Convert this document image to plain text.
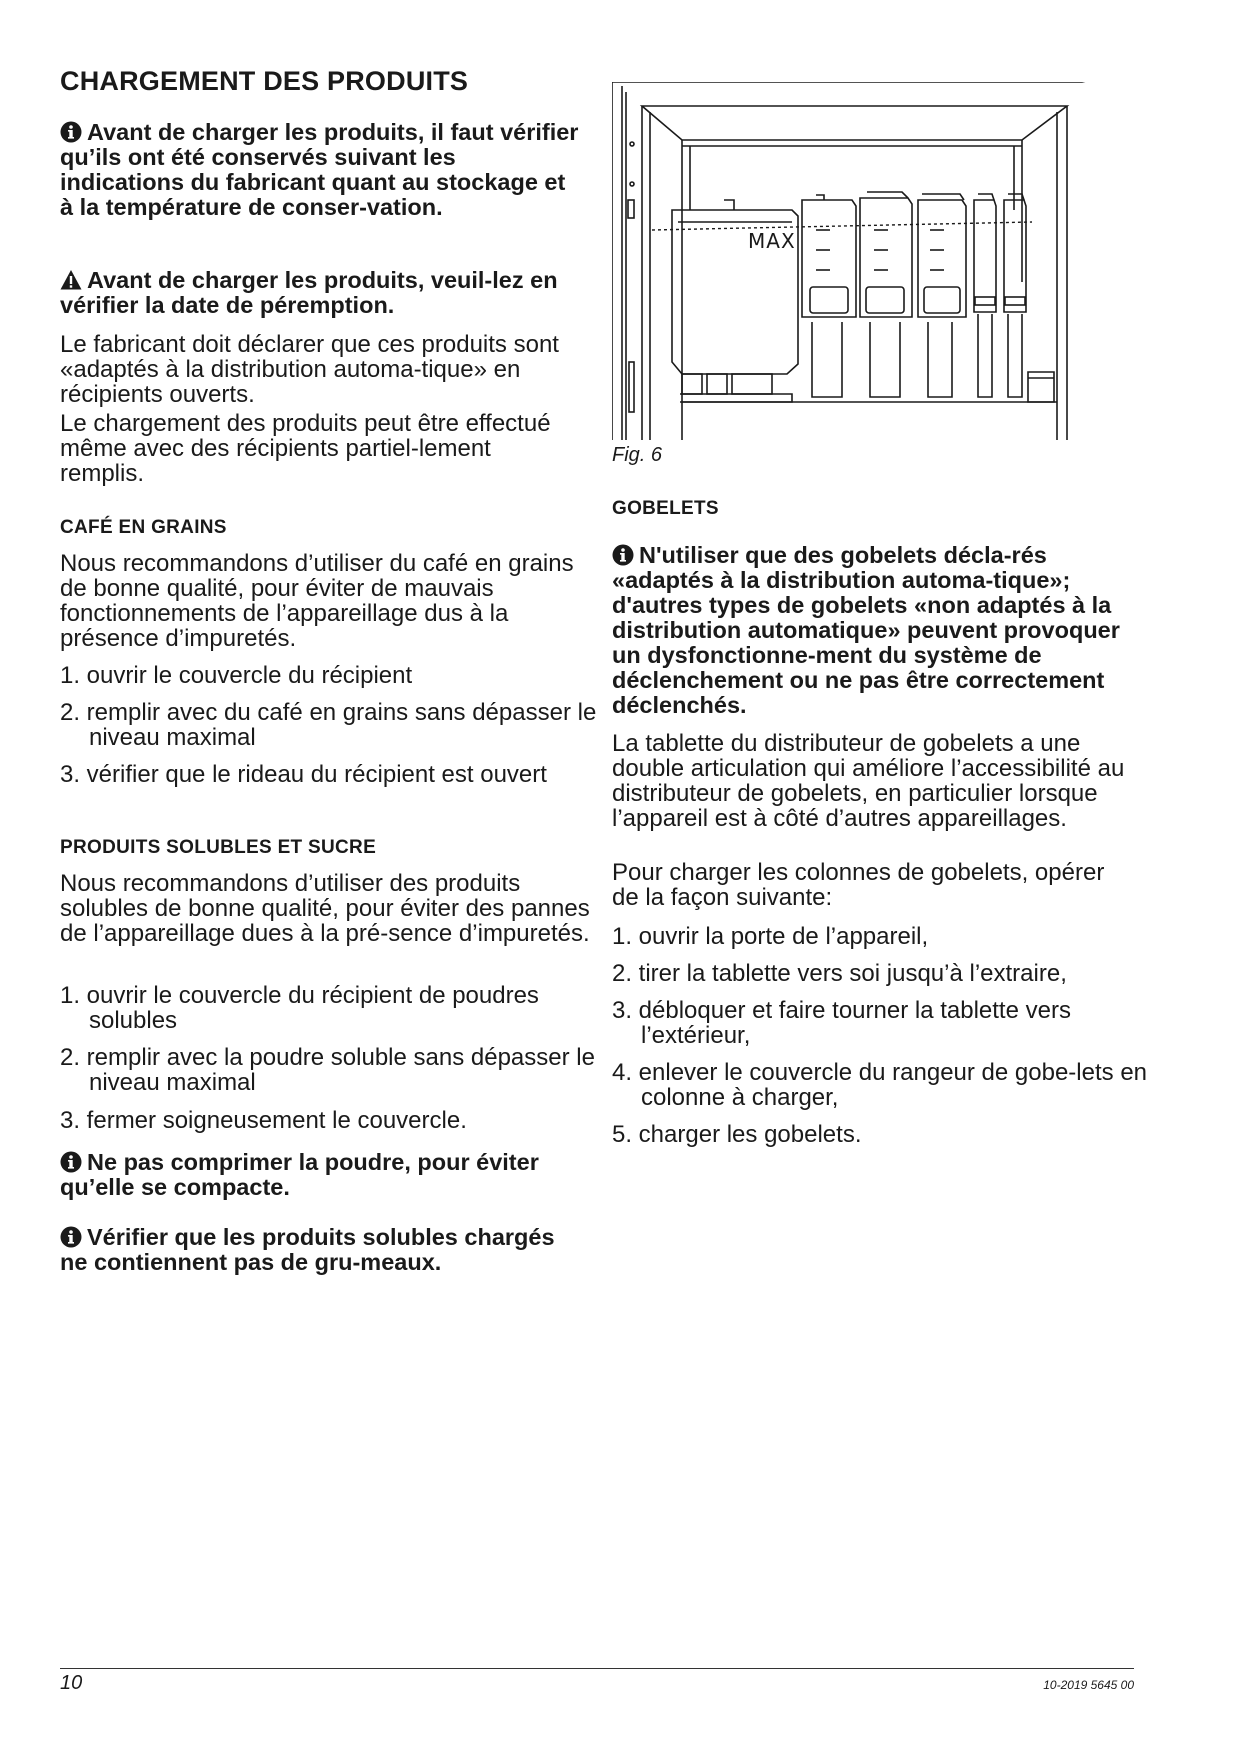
CHARGEMENT DES PRODUITS

Avant de charger les produits, il faut vérifier qu’ils ont été conservés suivant les indications du fabricant quant au stockage et à la température de conser-vation.

Avant de charger les produits, veuil-lez en vérifier la date de péremption.

Le fabricant doit déclarer que ces produits sont «adaptés à la distribution automa-tique» en récipients ouverts.

Le chargement des produits peut être effectué même avec des récipients partiel-lement remplis.

CAFÉ EN GRAINS

Nous recommandons d’utiliser du café en grains de bonne qualité, pour éviter de mauvais fonctionnements de l’appareillage dus à la présence d’impuretés.

1. ouvrir le couvercle du récipient

2. remplir avec du café en grains sans dépasser le niveau maximal

3. vérifier que le rideau du récipient est ouvert

PRODUITS SOLUBLES ET SUCRE

Nous recommandons d’utiliser des produits solubles de bonne qualité, pour éviter des pannes de l’appareillage dues à la pré-sence d’impuretés.

1. ouvrir le couvercle du récipient de poudres solubles

2. remplir avec la poudre soluble sans dépasser le niveau maximal

3. fermer soigneusement le couvercle.

Ne pas comprimer la poudre, pour éviter qu’elle se compacte.

Vérifier que les produits solubles chargés ne contiennent pas de gru-meaux.

MAX
Fig. 6

GOBELETS

N'utiliser que des gobelets décla-rés «adaptés à la distribution automa-tique»; d'autres types de gobelets «non adaptés à la distribution automatique» peuvent provoquer un dysfonctionne-ment du système de déclenchement ou ne pas être correctement déclenchés.

La tablette du distributeur de gobelets a une double articulation qui améliore l’accessibilité au distributeur de gobelets, en particulier lorsque l’appareil est à côté d’autres appareillages.

Pour charger les colonnes de gobelets, opérer de la façon suivante:

1. ouvrir la porte de l’appareil,

2. tirer la tablette vers soi jusqu’à l’extraire,

3. débloquer et faire tourner la tablette vers l’extérieur,

4. enlever le couvercle du rangeur de gobe-lets en colonne à charger,

5. charger les gobelets.

10	10-2019 5645 00
